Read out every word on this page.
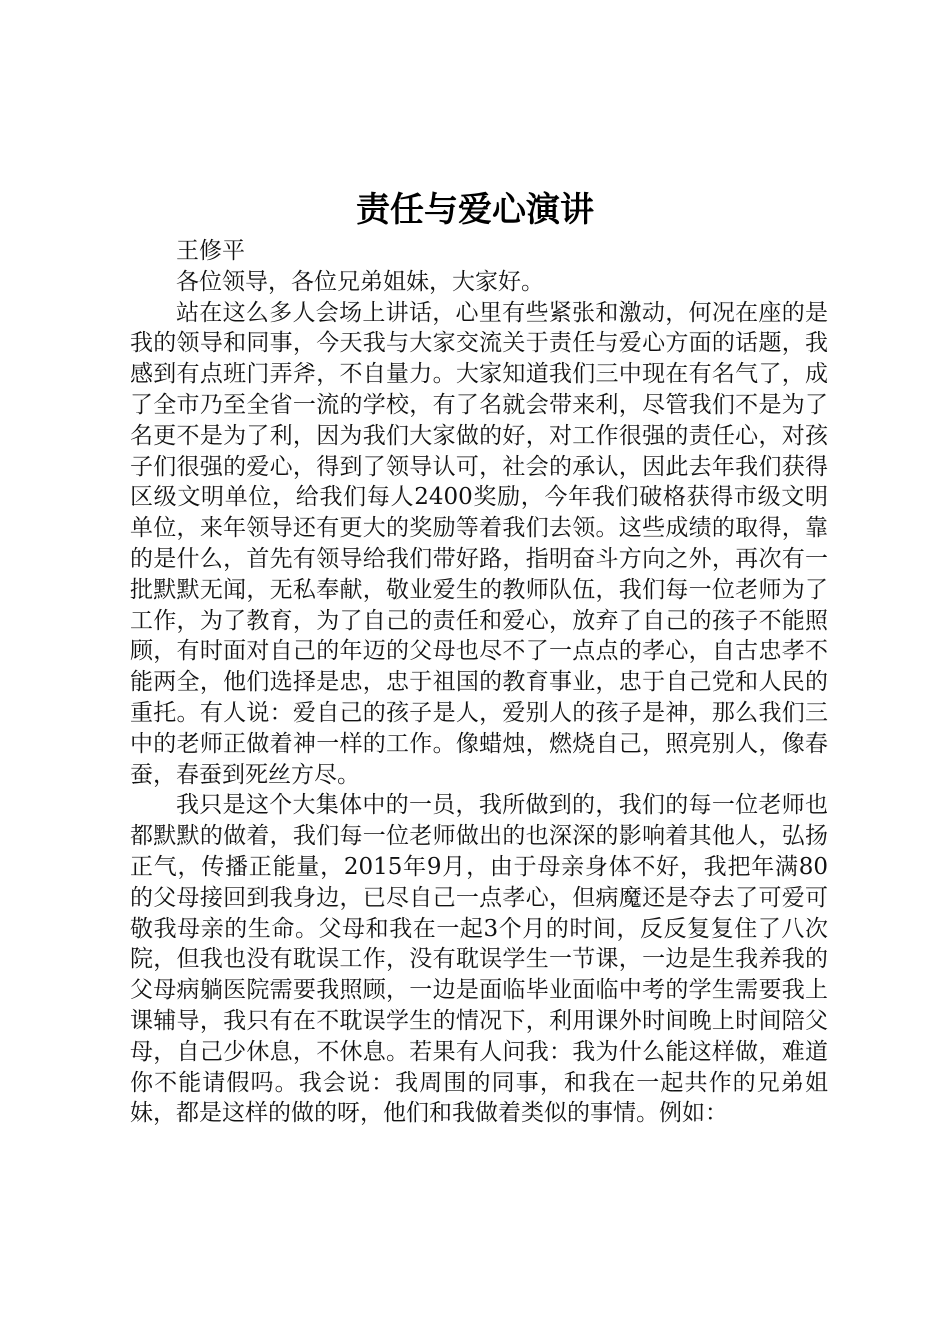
责任与爱心演讲

王修平

各位领导，各位兄弟姐妹，大家好。

站在这么多人会场上讲话，心里有些紧张和激动，何况在座的是我的领导和同事，今天我与大家交流关于责任与爱心方面的话题，我感到有点班门弄斧，不自量力。大家知道我们三中现在有名气了，成了全市乃至全省一流的学校，有了名就会带来利，尽管我们不是为了名更不是为了利，因为我们大家做的好，对工作很强的责任心，对孩子们很强的爱心，得到了领导认可，社会的承认，因此去年我们获得区级文明单位，给我们每人2400奖励，今年我们破格获得市级文明单位，来年领导还有更大的奖励等着我们去领。这些成绩的取得，靠的是什么，首先有领导给我们带好路，指明奋斗方向之外，再次有一批默默无闻，无私奉献，敬业爱生的教师队伍，我们每一位老师为了工作，为了教育，为了自己的责任和爱心，放弃了自己的孩子不能照顾，有时面对自己的年迈的父母也尽不了一点点的孝心，自古忠孝不能两全，他们选择是忠，忠于祖国的教育事业，忠于自己党和人民的重托。有人说：爱自己的孩子是人，爱别人的孩子是神，那么我们三中的老师正做着神一样的工作。像蜡烛，燃烧自己，照亮别人，像春蚕，春蚕到死丝方尽。

我只是这个大集体中的一员，我所做到的，我们的每一位老师也都默默的做着，我们每一位老师做出的也深深的影响着其他人，弘扬正气，传播正能量，2015年9月，由于母亲身体不好，我把年满80的父母接回到我身边，已尽自己一点孝心，但病魔还是夺去了可爱可敬我母亲的生命。父母和我在一起3个月的时间，反反复复住了八次院，但我也没有耽误工作，没有耽误学生一节课，一边是生我养我的父母病躺医院需要我照顾，一边是面临毕业面临中考的学生需要我上课辅导，我只有在不耽误学生的情况下，利用课外时间晚上时间陪父母，自己少休息，不休息。若果有人问我：我为什么能这样做，难道你不能请假吗。我会说：我周围的同事，和我在一起共作的兄弟姐妹，都是这样的做的呀，他们和我做着类似的事情。例如：
